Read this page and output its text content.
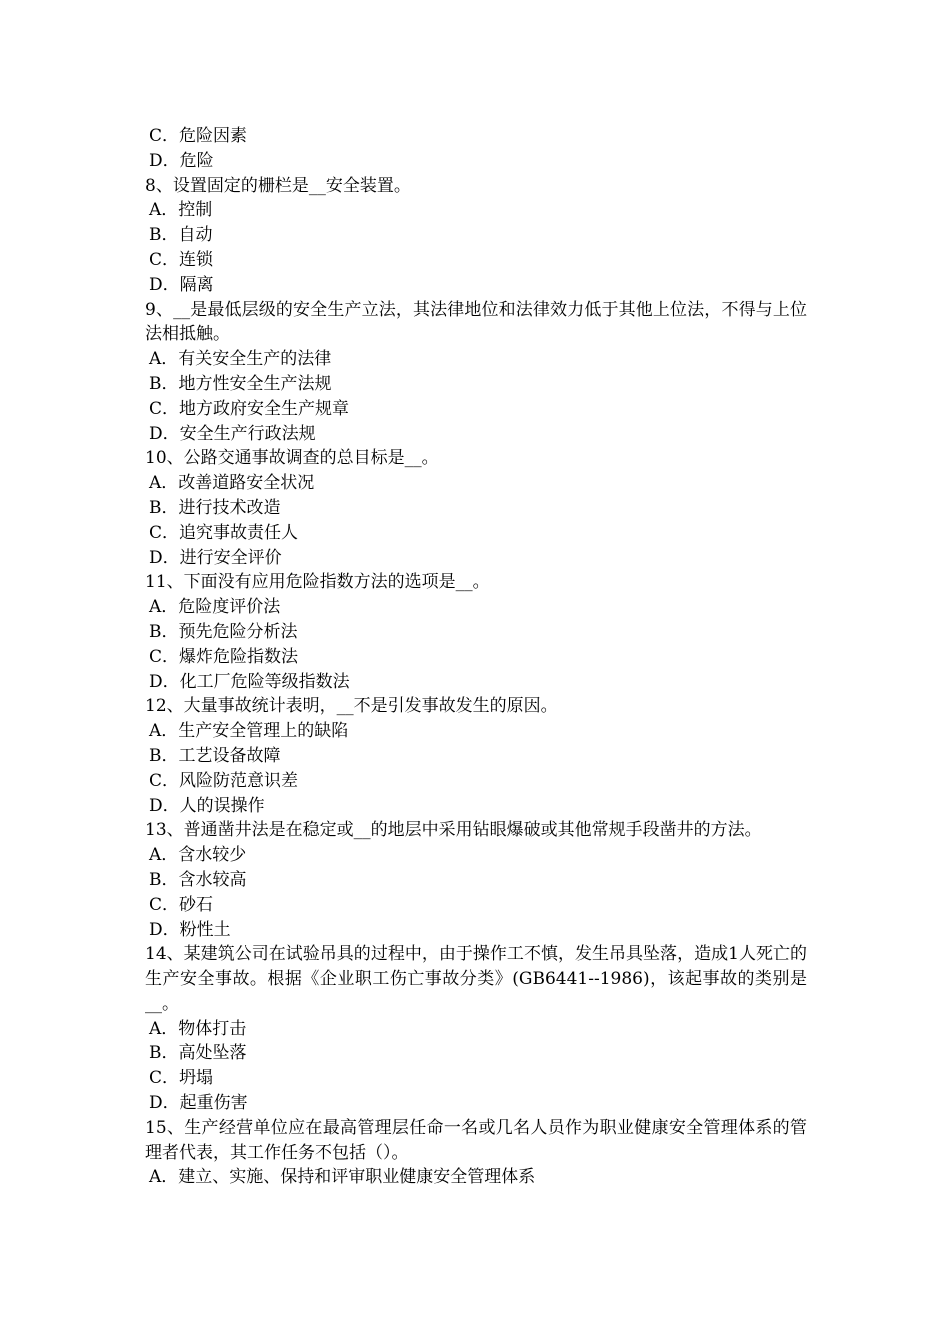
C．危险因素
D．危险
8、设置固定的栅栏是__安全装置。
A．控制
B．自动
C．连锁
D．隔离
9、__是最低层级的安全生产立法，其法律地位和法律效力低于其他上位法，不得与上位法相抵触。
A．有关安全生产的法律
B．地方性安全生产法规
C．地方政府安全生产规章
D．安全生产行政法规
10、公路交通事故调查的总目标是__。
A．改善道路安全状况
B．进行技术改造
C．追究事故责任人
D．进行安全评价
11、下面没有应用危险指数方法的选项是__。
A．危险度评价法
B．预先危险分析法
C．爆炸危险指数法
D．化工厂危险等级指数法
12、大量事故统计表明，__不是引发事故发生的原因。
A．生产安全管理上的缺陷
B．工艺设备故障
C．风险防范意识差
D．人的误操作
13、普通凿井法是在稳定或__的地层中采用钻眼爆破或其他常规手段凿井的方法。
A．含水较少
B．含水较高
C．砂石
D．粉性土
14、某建筑公司在试验吊具的过程中，由于操作工不慎，发生吊具坠落，造成1人死亡的生产安全事故。根据《企业职工伤亡事故分类》(GB6441--1986)，该起事故的类别是__。
A．物体打击
B．高处坠落
C．坍塌
D．起重伤害
15、生产经营单位应在最高管理层任命一名或几名人员作为职业健康安全管理体系的管理者代表，其工作任务不包括（）。
A．建立、实施、保持和评审职业健康安全管理体系
